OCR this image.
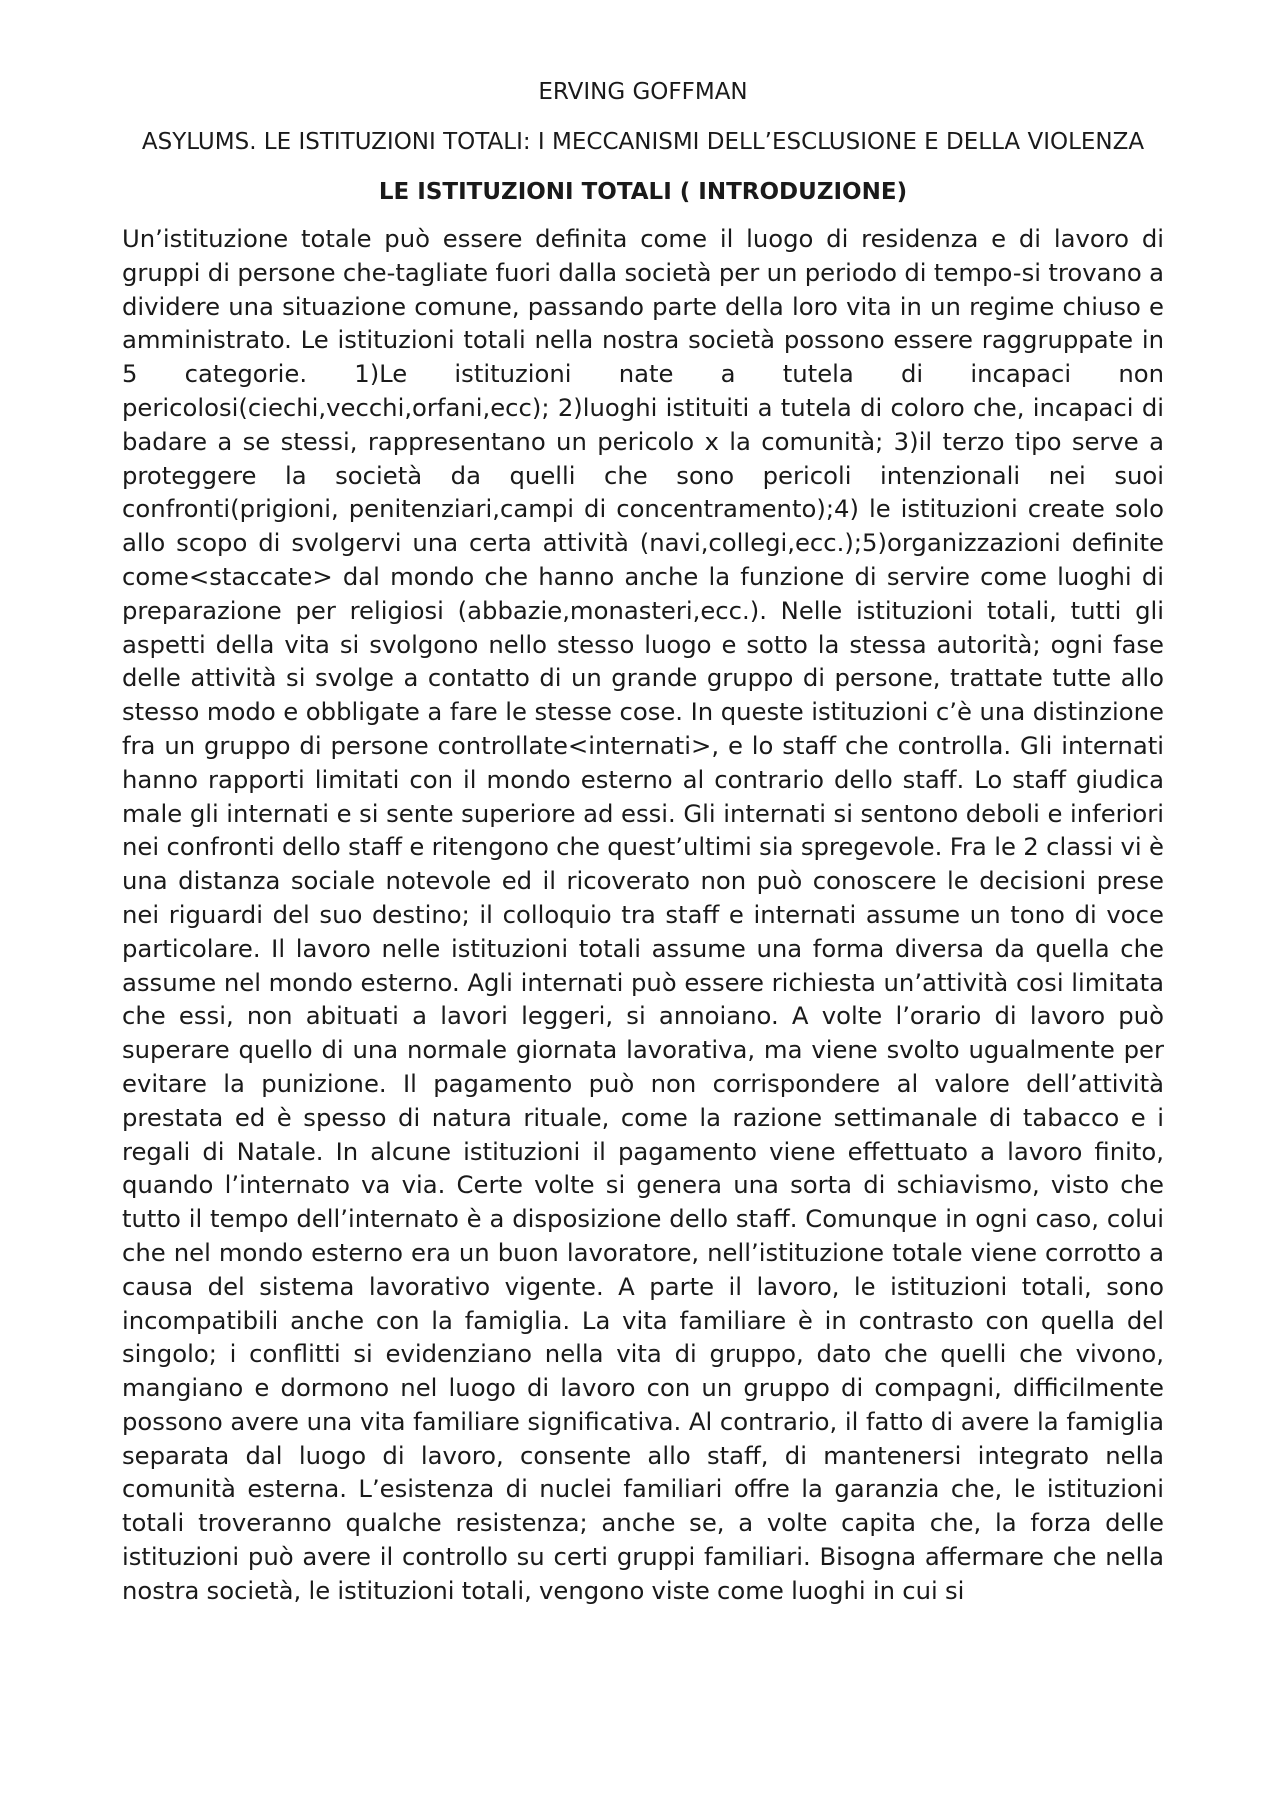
ERVING GOFFMAN
ASYLUMS. LE ISTITUZIONI TOTALI: I MECCANISMI DELL’ESCLUSIONE E DELLA VIOLENZA
LE ISTITUZIONI TOTALI ( INTRODUZIONE)

Un’istituzione totale può essere definita come il luogo di residenza e di lavoro di gruppi di persone che-tagliate fuori dalla società per un periodo di tempo-si trovano a dividere una situazione comune, passando parte della loro vita in un regime chiuso e amministrato. Le istituzioni totali nella nostra società possono essere raggruppate in 5 categorie. 1)Le istituzioni nate a tutela di incapaci non pericolosi(ciechi,vecchi,orfani,ecc); 2)luoghi istituiti a tutela di coloro che, incapaci di badare a se stessi, rappresentano un pericolo x la comunità; 3)il terzo tipo serve a proteggere la società da quelli che sono pericoli intenzionali nei suoi confronti(prigioni, penitenziari,campi di concentramento);4) le istituzioni create solo allo scopo di svolgervi una certa attività (navi,collegi,ecc.);5)organizzazioni definite come<staccate> dal mondo che hanno anche la funzione di servire come luoghi di preparazione per religiosi (abbazie,monasteri,ecc.). Nelle istituzioni totali, tutti gli aspetti della vita si svolgono nello stesso luogo e sotto la stessa autorità; ogni fase delle attività si svolge a contatto di un grande gruppo di persone, trattate tutte allo stesso modo e obbligate a fare le stesse cose. In queste istituzioni c’è una distinzione fra un gruppo di persone controllate<internati>, e lo staff che controlla. Gli internati hanno rapporti limitati con il mondo esterno al contrario dello staff. Lo staff giudica male gli internati e si sente superiore ad essi. Gli internati si sentono deboli e inferiori nei confronti dello staff e ritengono che quest’ultimi sia spregevole. Fra le 2 classi vi è una distanza sociale notevole ed il ricoverato non può conoscere le decisioni prese nei riguardi del suo destino; il colloquio tra staff e internati assume un tono di voce particolare. Il lavoro nelle istituzioni totali assume una forma diversa da quella che assume nel mondo esterno. Agli internati può essere richiesta un’attività cosi limitata che essi, non abituati a lavori leggeri, si annoiano. A volte l’orario di lavoro può superare quello di una normale giornata lavorativa, ma viene svolto ugualmente per evitare la punizione. Il pagamento può non corrispondere al valore dell’attività prestata ed è spesso di natura rituale, come la razione settimanale di tabacco e i regali di Natale. In alcune istituzioni il pagamento viene effettuato a lavoro finito, quando l’internato va via. Certe volte si genera una sorta di schiavismo, visto che tutto il tempo dell’internato è a disposizione dello staff. Comunque in ogni caso, colui che nel mondo esterno era un buon lavoratore, nell’istituzione totale viene corrotto a causa del sistema lavorativo vigente. A parte il lavoro, le istituzioni totali, sono incompatibili anche con la famiglia. La vita familiare è in contrasto con quella del singolo; i conflitti si evidenziano nella vita di gruppo, dato che quelli che vivono, mangiano e dormono nel luogo di lavoro con un gruppo di compagni, difficilmente possono avere una vita familiare significativa. Al contrario, il fatto di avere la famiglia separata dal luogo di lavoro, consente allo staff, di mantenersi integrato nella comunità esterna. L’esistenza di nuclei familiari offre la garanzia che, le istituzioni totali troveranno qualche resistenza; anche se, a volte capita che, la forza delle istituzioni può avere il controllo su certi gruppi familiari. Bisogna affermare che nella nostra società, le istituzioni totali, vengono viste come luoghi in cui si
